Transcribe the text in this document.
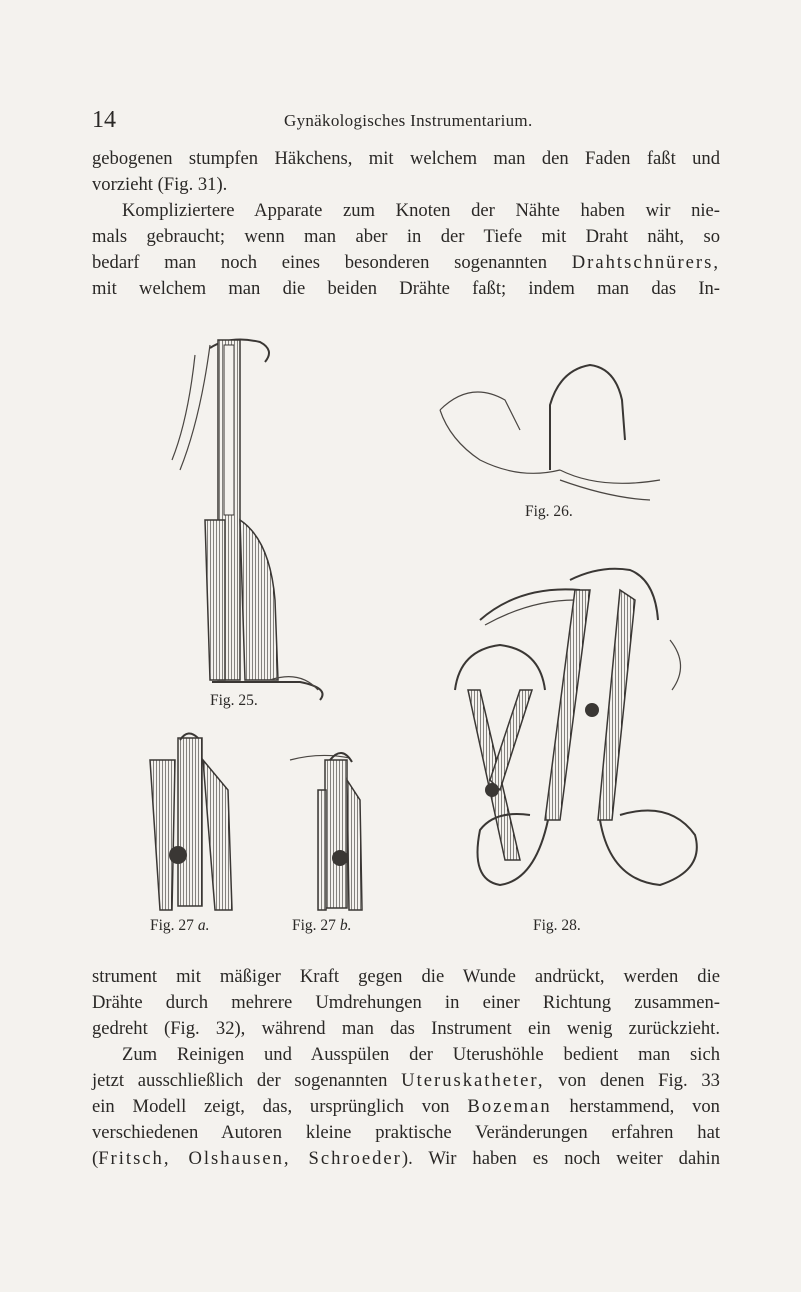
14	Gynäkologisches Instrumentarium.
gebogenen stumpfen Häkchens, mit welchem man den Faden faßt und
vorzieht (Fig. 31).
Kompliziertere Apparate zum Knoten der Nähte haben wir nie-
mals gebraucht; wenn man aber in der Tiefe mit Draht näht, so
bedarf man noch eines besonderen sogenannten Drahtschnürers,
mit welchem man die beiden Drähte faßt; indem man das In-
Fig. 25.
Fig. 26.
Fig. 27 a.	Fig. 27 b.	Fig. 28.
strument mit mäßiger Kraft gegen die Wunde andrückt, werden die
Drähte durch mehrere Umdrehungen in einer Richtung zusammen-
gedreht (Fig. 32), während man das Instrument ein wenig zurückzieht.
Zum Reinigen und Ausspülen der Uterushöhle bedient man sich
jetzt ausschließlich der sogenannten Uteruskatheter, von denen Fig. 33
ein Modell zeigt, das, ursprünglich von Bozeman herstammend, von
verschiedenen Autoren kleine praktische Veränderungen erfahren hat
(Fritsch, Olshausen, Schroeder). Wir haben es noch weiter dahin
